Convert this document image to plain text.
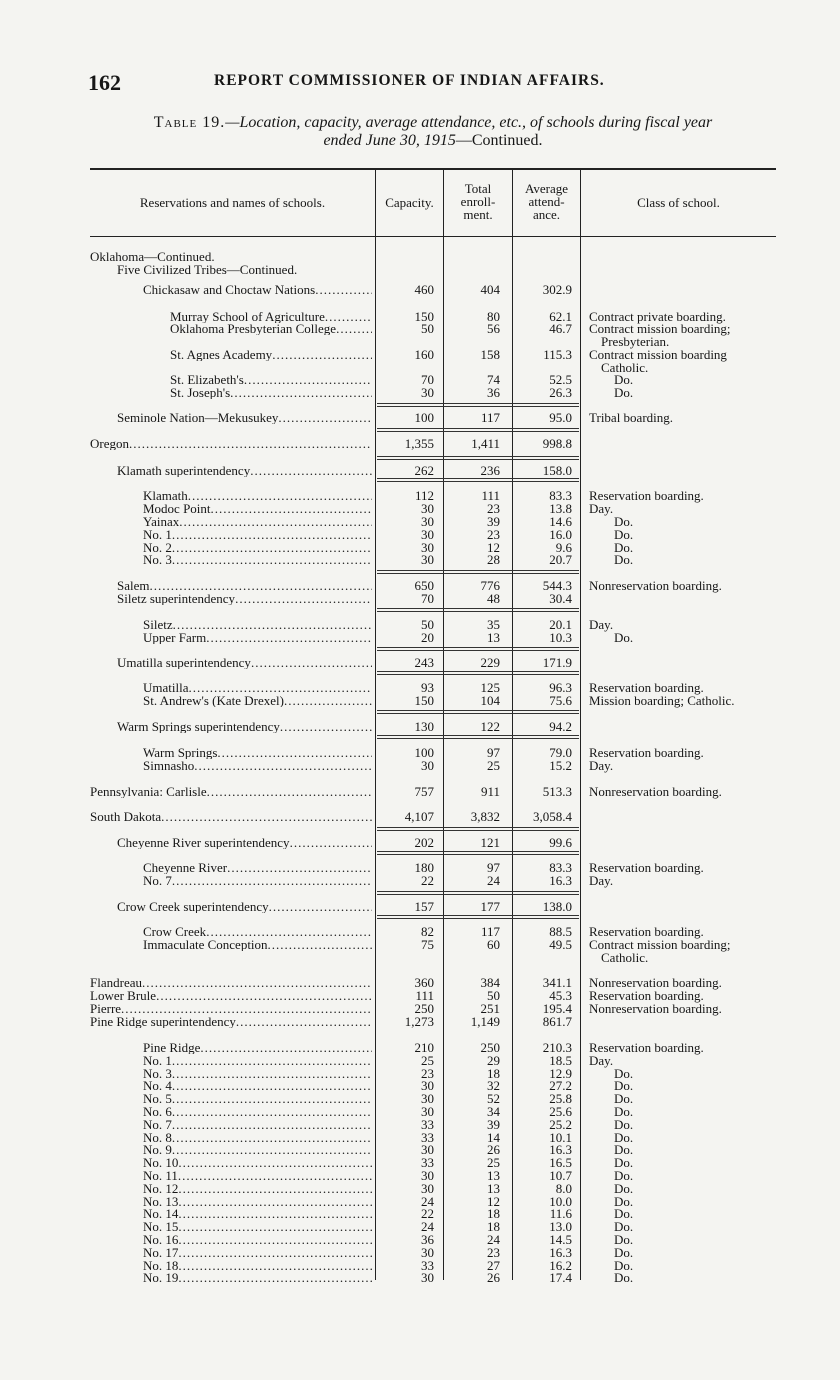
162	REPORT COMMISSIONER OF INDIAN AFFAIRS.
Table 19.—Location, capacity, average attendance, etc., of schools during fiscal year
ended June 30, 1915—Continued.
Reservations and names of schools.	Capacity.
Total
enroll-
ment.
Average
attend-
ance.
Class of school.
Oklahoma—Continued.
Five Civilized Tribes—Continued.
Chickasaw and Choctaw Nations .....	460	404	302.9
Murray School of Agriculture .....	150	80	62.1 Contract private boarding.
Oklahoma Presbyterian College .....	50	56	46.7 Contract mission boarding;
Presbyterian.
St. Agnes Academy .....	160	158	115.3 Contract mission boarding
Catholic.
St. Elizabeth's .....	70	74	52.5	Do.
St. Joseph's .....	30	36	26.3	Do.
Seminole Nation—Mekusukey .....	100	117	95.0 Tribal boarding.
Oregon .....	1,355	1,411	998.8
Klamath superintendency .....	262	236	158.0
Klamath .....	112	111	83.3 Reservation boarding.
Modoc Point .....	30	23	13.8 Day.
Yainax .....	30	39	14.6	Do.
No. 1 .....	30	23	16.0	Do.
No. 2 .....	30	12	9.6	Do.
No. 3 .....	30	28	20.7	Do.
Salem .....	650	776	544.3 Nonreservation boarding.
Siletz superintendency .....	70	48	30.4
Siletz .....	50	35	20.1 Day.
Upper Farm .....	20	13	10.3	Do.
Umatilla superintendency .....	243	229	171.9
Umatilla .....	93	125	96.3 Reservation boarding.
St. Andrew's (Kate Drexel) .....	150	104	75.6 Mission boarding; Catholic.
Warm Springs superintendency .....	130	122	94.2
Warm Springs .....	100	97	79.0 Reservation boarding.
Simnasho .....	30	25	15.2 Day.
Pennsylvania: Carlisle .....	757	911	513.3 Nonreservation boarding.
South Dakota .....	4,107	3,832	3,058.4
Cheyenne River superintendency .....	202	121	99.6
Cheyenne River .....	180	97	83.3 Reservation boarding.
No. 7 .....	22	24	16.3 Day.
Crow Creek superintendency .....	157	177	138.0
Crow Creek .....	82	117	88.5 Reservation boarding.
Immaculate Conception .....	75	60	49.5 Contract mission boarding;
Catholic.
Flandreau .....	360	384	341.1 Nonreservation boarding.
Lower Brule .....	111	50	45.3 Reservation boarding.
Pierre .....	250	251	195.4 Nonreservation boarding.
Pine Ridge superintendency .....	1,273	1,149	861.7
Pine Ridge .....	210	250	210.3 Reservation boarding.
No. 1 .....	25	29	18.5 Day.
No. 3 .....	23	18	12.9	Do.
No. 4 .....	30	32	27.2	Do.
No. 5 .....	30	52	25.8	Do.
No. 6 .....	30	34	25.6	Do.
No. 7 .....	33	39	25.2	Do.
No. 8 .....	33	14	10.1	Do.
No. 9 .....	30	26	16.3	Do.
No. 10 .....	33	25	16.5	Do.
No. 11 .....	30	13	10.7	Do.
No. 12 .....	30	13	8.0	Do.
No. 13 .....	24	12	10.0	Do.
No. 14 .....	22	18	11.6	Do.
No. 15 .....	24	18	13.0	Do.
No. 16 .....	36	24	14.5	Do.
No. 17 .....	30	23	16.3	Do.
No. 18 .....	33	27	16.2	Do.
No. 19 .....	30	26	17.4	Do.
